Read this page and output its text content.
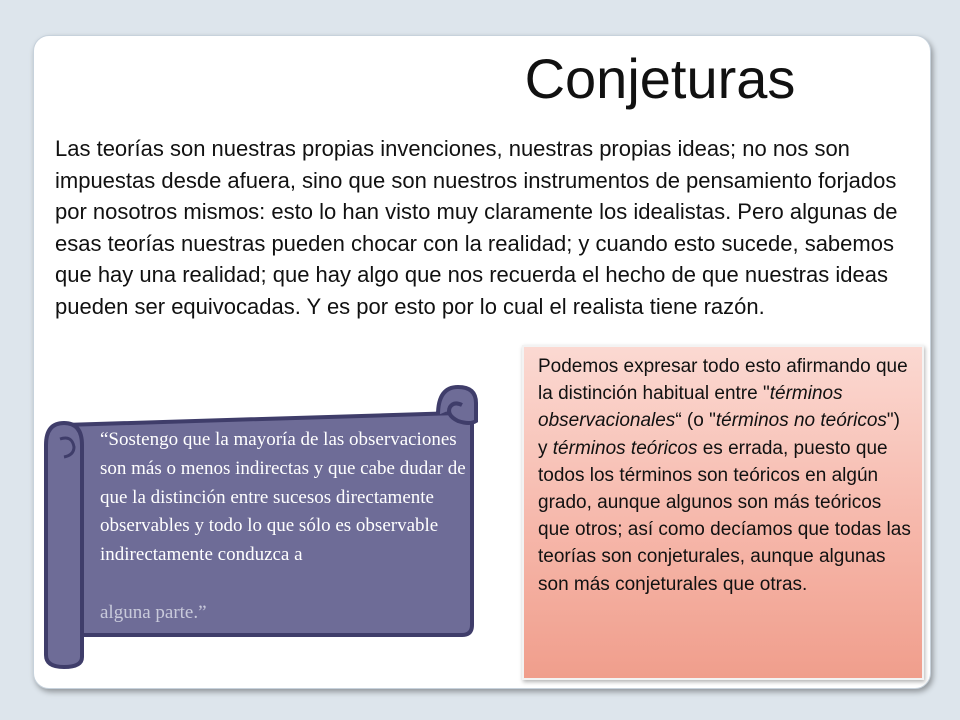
Conjeturas

Las teorías son nuestras propias invenciones, nuestras propias ideas; no nos son impuestas desde afuera, sino que son nuestros instrumentos de pensamiento forjados por nosotros mismos: esto lo han visto muy claramente los idealistas. Pero algunas de esas teorías nuestras pueden chocar con la realidad; y cuando esto sucede, sabemos que hay una realidad; que hay algo que nos recuerda el hecho de que nuestras ideas pueden ser equivocadas. Y es por esto por lo cual el realista tiene razón.

“Sostengo que la mayoría de las observaciones son más o menos indirectas y que cabe dudar de que la distinción entre sucesos directamente observables y todo lo que sólo es observable indirectamente conduzca a

alguna parte.”

Podemos expresar todo esto afirmando que la distinción habitual entre "términos observacionales“ (o "términos no teóricos") y términos teóricos es errada, puesto que todos los términos son teóricos en algún grado, aunque algunos son más teóricos que otros; así como decíamos que todas las teorías son conjeturales, aunque algunas son más conjeturales que otras.
